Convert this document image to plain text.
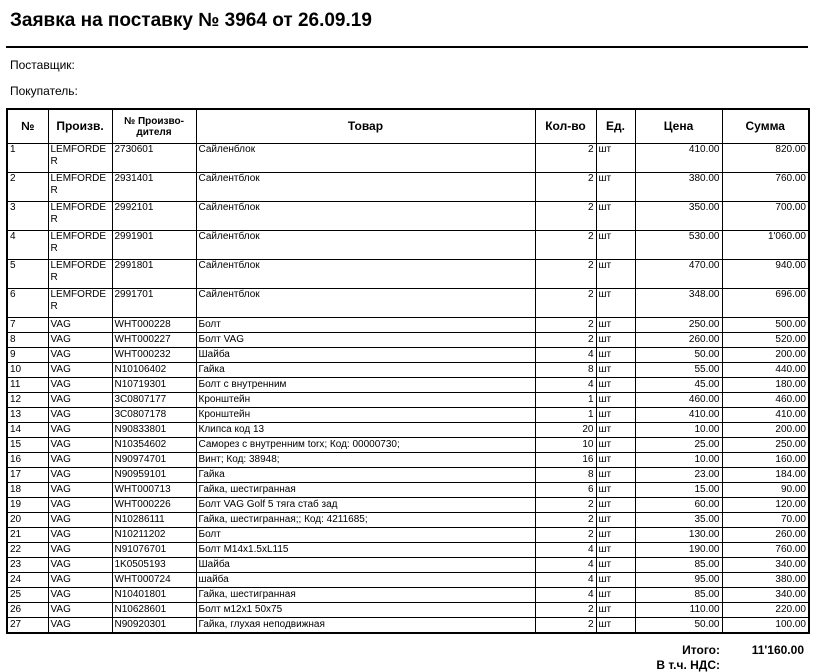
Заявка на поставку № 3964 от 26.09.19
Поставщик:
Покупатель:
№	Произв.	№ Произво-дителя	Товар	Кол-во	Ед.	Цена	Сумма
1	LEMFORDER	2730601	Сайленблок	2	шт	410.00	820.00
2	LEMFORDER	2931401	Сайлентблок	2	шт	380.00	760.00
3	LEMFORDER	2992101	Сайлентблок	2	шт	350.00	700.00
4	LEMFORDER	2991901	Сайлентблок	2	шт	530.00	1'060.00
5	LEMFORDER	2991801	Сайлентблок	2	шт	470.00	940.00
6	LEMFORDER	2991701	Сайлентблок	2	шт	348.00	696.00
7	VAG	WHT000228	Болт	2	шт	250.00	500.00
8	VAG	WHT000227	Болт VAG	2	шт	260.00	520.00
9	VAG	WHT000232	Шайба	4	шт	50.00	200.00
10	VAG	N10106402	Гайка	8	шт	55.00	440.00
11	VAG	N10719301	Болт с внутренним	4	шт	45.00	180.00
12	VAG	3C0807177	Кронштейн	1	шт	460.00	460.00
13	VAG	3C0807178	Кронштейн	1	шт	410.00	410.00
14	VAG	N90833801	Клипса код 13	20	шт	10.00	200.00
15	VAG	N10354602	Саморез с внутренним torx; Код: 00000730;	10	шт	25.00	250.00
16	VAG	N90974701	Винт; Код: 38948;	16	шт	10.00	160.00
17	VAG	N90959101	Гайка	8	шт	23.00	184.00
18	VAG	WHT000713	Гайка, шестигранная	6	шт	15.00	90.00
19	VAG	WHT000226	Болт VAG Golf 5 тяга стаб зад	2	шт	60.00	120.00
20	VAG	N10286111	Гайка, шестигранная;; Код: 4211685;	2	шт	35.00	70.00
21	VAG	N10211202	Болт	2	шт	130.00	260.00
22	VAG	N91076701	Болт M14x1.5xL115	4	шт	190.00	760.00
23	VAG	1K0505193	Шайба	4	шт	85.00	340.00
24	VAG	WHT000724	шайба	4	шт	95.00	380.00
25	VAG	N10401801	Гайка, шестигранная	4	шт	85.00	340.00
26	VAG	N10628601	Болт м12х1 50х75	2	шт	110.00	220.00
27	VAG	N90920301	Гайка, глухая неподвижная	2	шт	50.00	100.00
Итого:	11'160.00
В т.ч. НДС:
